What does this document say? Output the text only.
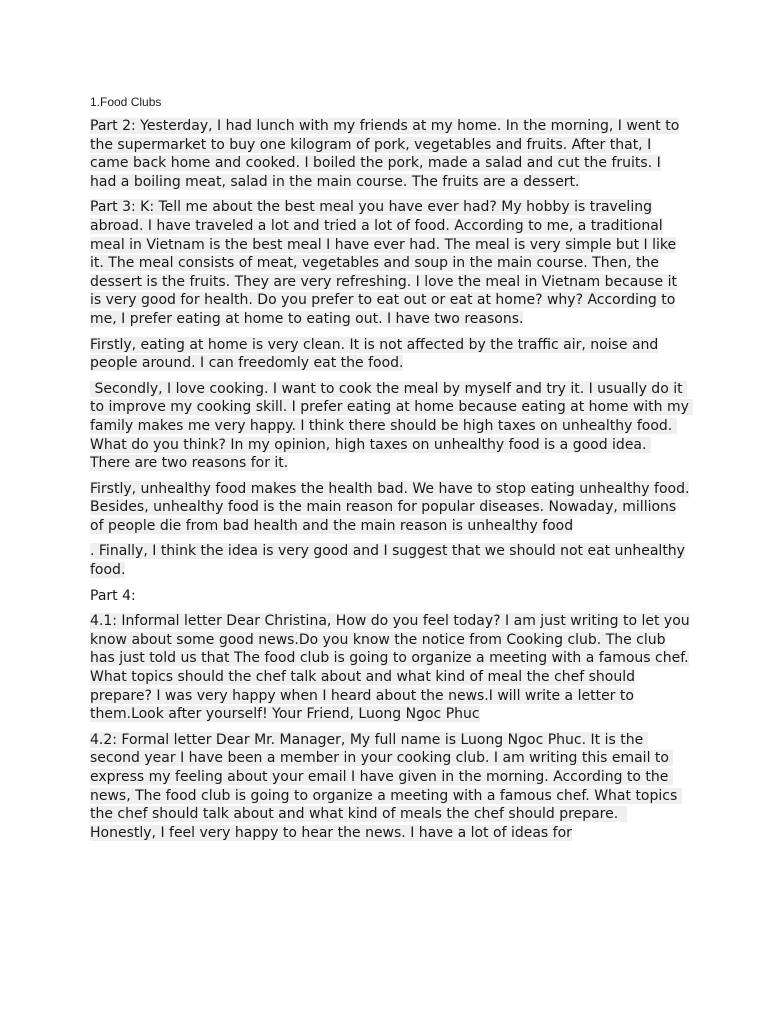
1.Food Clubs

Part 2: Yesterday, I had lunch with my friends at my home. In the morning, I went to the supermarket to buy one kilogram of pork, vegetables and fruits. After that, I came back home and cooked. I boiled the pork, made a salad and cut the fruits. I had a boiling meat, salad in the main course. The fruits are a dessert.

Part 3: K: Tell me about the best meal you have ever had? My hobby is traveling abroad. I have traveled a lot and tried a lot of food. According to me, a traditional meal in Vietnam is the best meal I have ever had. The meal is very simple but I like it. The meal consists of meat, vegetables and soup in the main course. Then, the dessert is the fruits. They are very refreshing. I love the meal in Vietnam because it is very good for health. Do you prefer to eat out or eat at home? why? According to me, I prefer eating at home to eating out. I have two reasons.

Firstly, eating at home is very clean. It is not affected by the traffic air, noise and people around. I can freedomly eat the food.

Secondly, I love cooking. I want to cook the meal by myself and try it. I usually do it to improve my cooking skill. I prefer eating at home because eating at home with my family makes me very happy. I think there should be high taxes on unhealthy food. What do you think? In my opinion, high taxes on unhealthy food is a good idea. There are two reasons for it.

Firstly, unhealthy food makes the health bad. We have to stop eating unhealthy food. Besides, unhealthy food is the main reason for popular diseases. Nowaday, millions of people die from bad health and the main reason is unhealthy food

. Finally, I think the idea is very good and I suggest that we should not eat unhealthy food.

Part 4:

4.1: Informal letter Dear Christina, How do you feel today? I am just writing to let you know about some good news.Do you know the notice from Cooking club. The club has just told us that The food club is going to organize a meeting with a famous chef. What topics should the chef talk about and what kind of meal the chef should prepare? I was very happy when I heard about the news.I will write a letter to them.Look after yourself! Your Friend, Luong Ngoc Phuc

4.2: Formal letter Dear Mr. Manager, My full name is Luong Ngoc Phuc. It is the second year I have been a member in your cooking club. I am writing this email to express my feeling about your email I have given in the morning. According to the news, The food club is going to organize a meeting with a famous chef. What topics the chef should talk about and what kind of meals the chef should prepare.  Honestly, I feel very happy to hear the news. I have a lot of ideas for
